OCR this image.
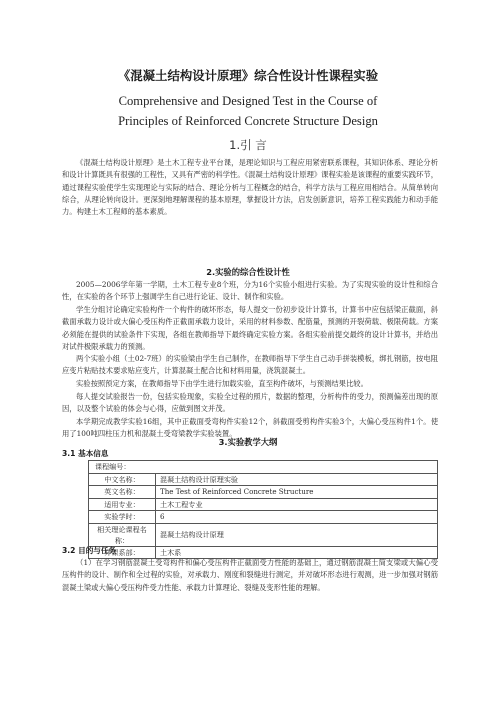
《混凝土结构设计原理》综合性设计性课程实验
Comprehensive and Designed Test in the Course of
Principles of Reinforced Concrete Structure Design
1.引 言

《混凝土结构设计原理》是土木工程专业平台课，是理论知识与工程应用紧密联系课程，其知识体系、理论分析和设计计算既具有很强的工程性，又具有严密的科学性。《混凝土结构设计原理》课程实验是该课程的重要实践环节，通过课程实验使学生实现理论与实际的结合、理论分析与工程概念的结合，科学方法与工程应用相结合。从简单转向综合，从理论转向设计。更深刻地理解课程的基本原理，掌握设计方法，启发创新意识，培养工程实践能力和动手能力。构建土木工程师的基本素质。

2.实验的综合性设计性

2005—2006学年第一学期，土木工程专业8个班，分为16个实验小组进行实验。为了实现实验的设计性和综合性，在实验的各个环节上强调学生自己进行论证、设计、制作和实验。

学生分组讨论确定实验构件一个构件的破坏形态，每人提交一份初步设计计算书，计算书中应包括梁正截面，斜截面承载力设计或大偏心受压构件正截面承载力设计，采用的材料参数、配筋量，预测的开裂荷载、极限荷载。方案必须能在提供的试验条件下实现，各组在教师指导下最终确定实验方案。各组实验前提交最终的设计计算书，并给出对试件极限承载力的预测。

两个实验小组（土02-7班）的实验梁由学生自己制作，在教师指导下学生自己动手拼装模板，绑扎钢筋，按电阻应变片粘贴技术要求贴应变片，计算混凝土配合比和材料用量，浇筑混凝土。

实验按照预定方案，在教师指导下由学生进行加载实验，直至构件破坏，与预测结果比较。

每人提交试验报告一份，包括实验现象，实验全过程的照片，数据的整理，分析构件的受力，预测偏差出现的原因，以及整个试验的体会与心得，应做到图文并茂。

本学期完成教学实验16组，其中正截面受弯构件实验12个，斜截面受剪构件实验3个，大偏心受压构件1个。使用了100吨四柱压力机和混凝土受弯梁教学实验装置。

3.实验教学大纲
3.1 基本信息
课程编号：	
中文名称：	混凝土结构设计原理实验
英文名称：	The Test of Reinforced Concrete Structure
适用专业：	土木工程专业
实验学时：	6
相关理论课程名称：	混凝土结构设计原理
开课系部：	土木系
3.2 目的与任务

（1）在学习钢筋混凝土受弯构件和偏心受压构件正截面受力性能的基础上，通过钢筋混凝土简支梁或大偏心受压构件的设计、制作和全过程的实验，对承载力、刚度和裂缝进行测定，并对破坏形态进行观测，进一步加强对钢筋混凝土梁或大偏心受压构件受力性能、承载力计算理论、裂缝及变形性能的理解。
